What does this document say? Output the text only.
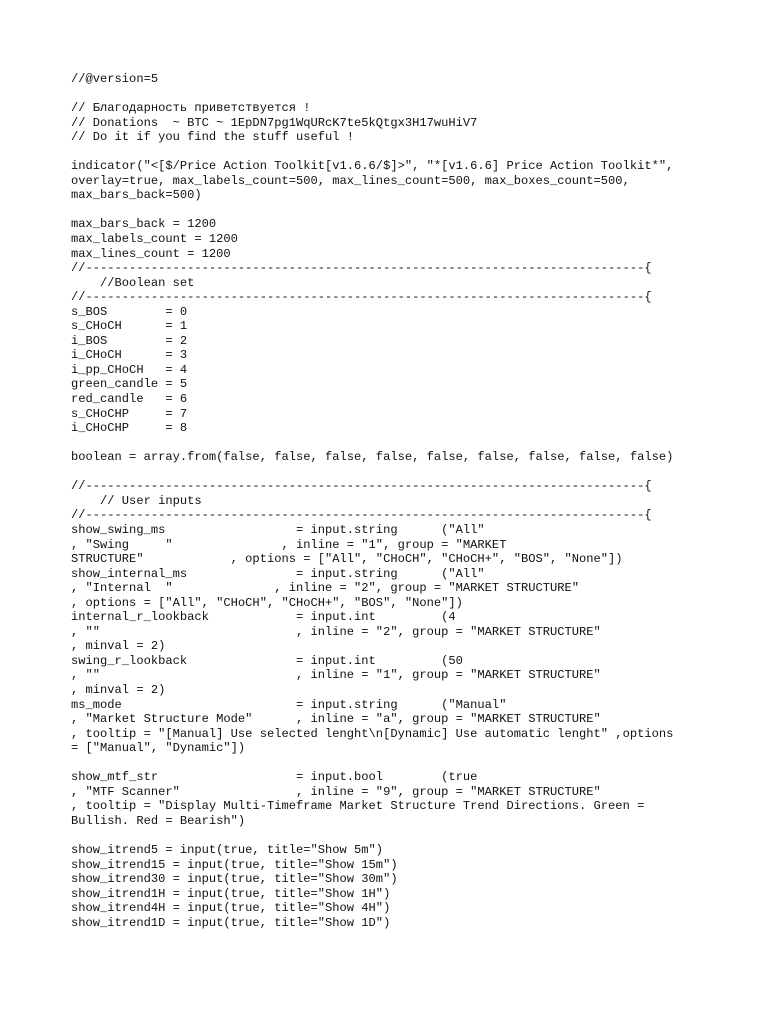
//@version=5
// Благодарность приветствуется !
// Donations  ~ BTC ~ 1EpDN7pg1WqURcK7te5kQtgx3H17wuHiV7
// Do it if you find the stuff useful !
indicator("<[$/Price Action Toolkit[v1.6.6/$]>", "*[v1.6.6] Price Action Toolkit*",
overlay=true, max_labels_count=500, max_lines_count=500, max_boxes_count=500,
max_bars_back=500)
max_bars_back = 1200
max_labels_count = 1200
max_lines_count = 1200
//-----------------------------------------------------------------------------{
//Boolean set
//-----------------------------------------------------------------------------{
s_BOS        = 0
s_CHoCH      = 1
i_BOS        = 2
i_CHoCH      = 3
i_pp_CHoCH   = 4
green_candle = 5
red_candle   = 6
s_CHoCHP     = 7
i_CHoCHP     = 8
boolean = array.from(false, false, false, false, false, false, false, false, false)
//-----------------------------------------------------------------------------{
// User inputs
//-----------------------------------------------------------------------------{
show_swing_ms                  = input.string      ("All"
, "Swing     "               , inline = "1", group = "MARKET
STRUCTURE"            , options = ["All", "CHoCH", "CHoCH+", "BOS", "None"])
show_internal_ms               = input.string      ("All"
, "Internal  "              , inline = "2", group = "MARKET STRUCTURE"
, options = ["All", "CHoCH", "CHoCH+", "BOS", "None"])
internal_r_lookback            = input.int         (4
, ""                           , inline = "2", group = "MARKET STRUCTURE"
, minval = 2)
swing_r_lookback               = input.int         (50
, ""                           , inline = "1", group = "MARKET STRUCTURE"
, minval = 2)
ms_mode                        = input.string      ("Manual"
, "Market Structure Mode"      , inline = "a", group = "MARKET STRUCTURE"
, tooltip = "[Manual] Use selected lenght\n[Dynamic] Use automatic lenght" ,options
= ["Manual", "Dynamic"])
show_mtf_str                   = input.bool        (true
, "MTF Scanner"                , inline = "9", group = "MARKET STRUCTURE"
, tooltip = "Display Multi-Timeframe Market Structure Trend Directions. Green =
Bullish. Red = Bearish")
show_itrend5 = input(true, title="Show 5m")
show_itrend15 = input(true, title="Show 15m")
show_itrend30 = input(true, title="Show 30m")
show_itrend1H = input(true, title="Show 1H")
show_itrend4H = input(true, title="Show 4H")
show_itrend1D = input(true, title="Show 1D")
